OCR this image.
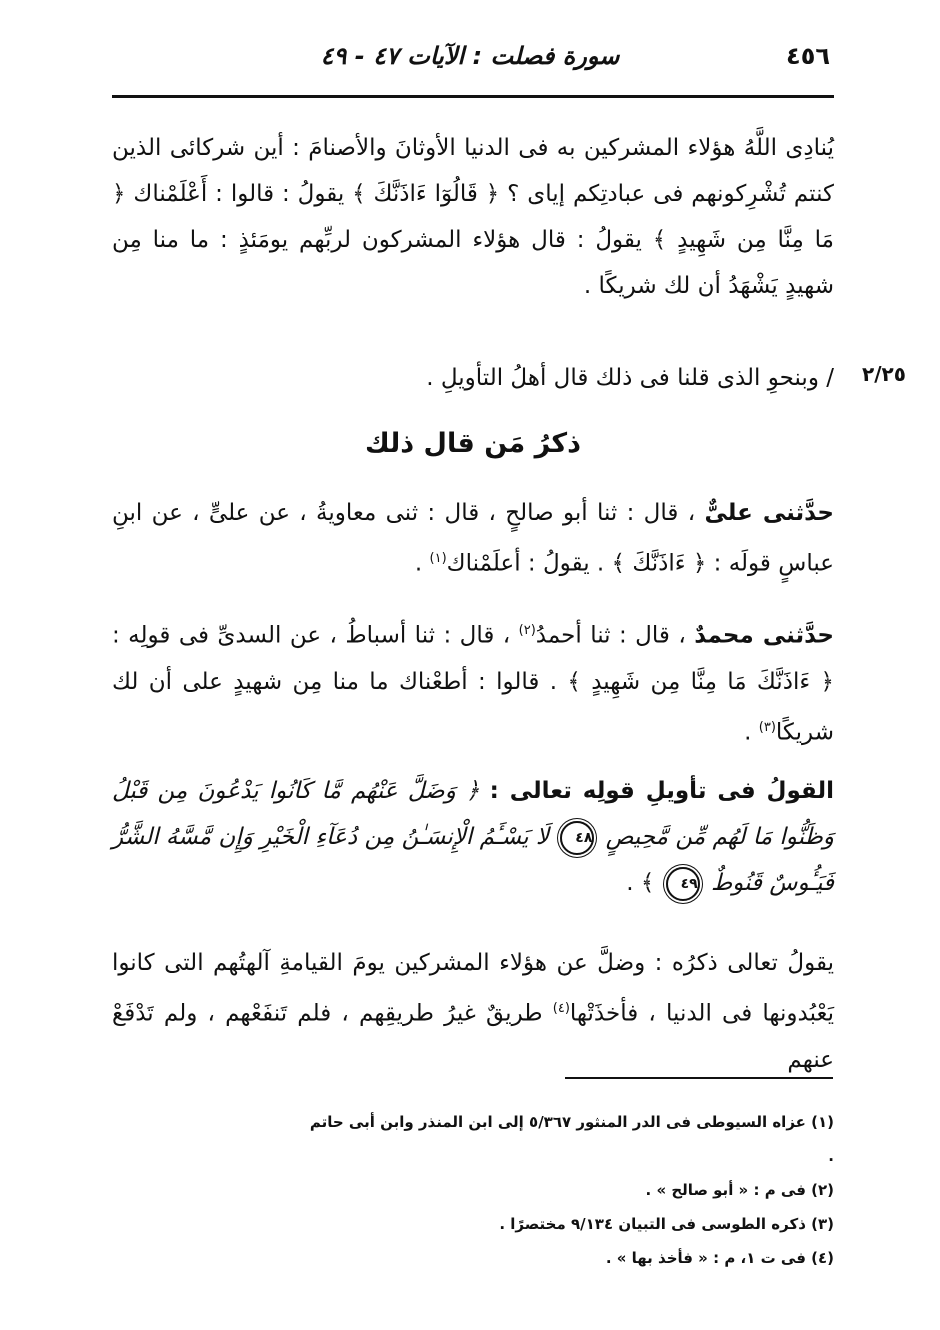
٤٥٦
سورة فصلت : الآيات ٤٧ - ٤٩
٢/٢٥
يُنادِى اللَّهُ هؤلاء المشركين به فى الدنيا الأوثانَ والأصنامَ : أين شركائى الذين كنتم تُشْرِكونهم فى عبادتِكم إياى ؟ ﴿ قَالُوٓا ءَاذَنَّكَ ﴾ يقولُ : قالوا : أَعْلَمْناك ﴿ مَا مِنَّا مِن شَهِيدٍ ﴾ يقولُ : قال هؤلاء المشركون لربِّهم يومَئذٍ : ما منا مِن شهيدٍ يَشْهَدُ أن لك شريكًا .
/ وبنحوِ الذى قلنا فى ذلك قال أهلُ التأويلِ .
ذكرُ مَن قال ذلك
حدَّثنى علىٌّ ، قال : ثنا أبو صالحٍ ، قال : ثنى معاويةُ ، عن علىٍّ ، عن ابنِ عباسٍ قولَه : ﴿ ءَاذَنَّكَ ﴾ . يقولُ : أعلَمْناك$^{(١)}$ .
حدَّثنى محمدٌ ، قال : ثنا أحمدُ$^{(٢)}$ ، قال : ثنا أسباطُ ، عن السدىِّ فى قولِه : ﴿ ءَاذَنَّكَ مَا مِنَّا مِن شَهِيدٍ ﴾ . قالوا : أطعْناك ما منا مِن شهيدٍ على أن لك شريكًا$^{(٣)}$ .
القولُ فى تأويلِ قولِه تعالى : ﴿ وَضَلَّ عَنْهُم مَّا كَانُوا يَدْعُونَ مِن قَبْلُ وَظَنُّوا مَا لَهُم مِّن مَّحِيصٍ ٤٨ لَا يَسْـَٔمُ الْإِنسَـٰنُ مِن دُعَآءِ الْخَيْرِ وَإِن مَّسَّهُ الشَّرُّ فَيَـُٔوسٌ قَنُوطٌ ٤٩ ﴾ .
يقولُ تعالى ذكرُه : وضلَّ عن هؤلاء المشركين يومَ القيامةِ آلهتُهم التى كانوا يَعْبُدونها فى الدنيا ، فأخذَتْها$^{(٤)}$ طريقٌ غيرُ طريقِهم ، فلم تَنفَعْهم ، ولم تَدْفَعْ عنهم
(١) عزاه السيوطى فى الدر المنثور ٥/٣٦٧ إلى ابن المنذر وابن أبى حاتم .
(٢) فى م : « أبو صالح » .
(٣) ذكره الطوسى فى التبيان ٩/١٣٤ مختصرًا .
(٤) فى ت ١، م : « فأخذ بها » .
